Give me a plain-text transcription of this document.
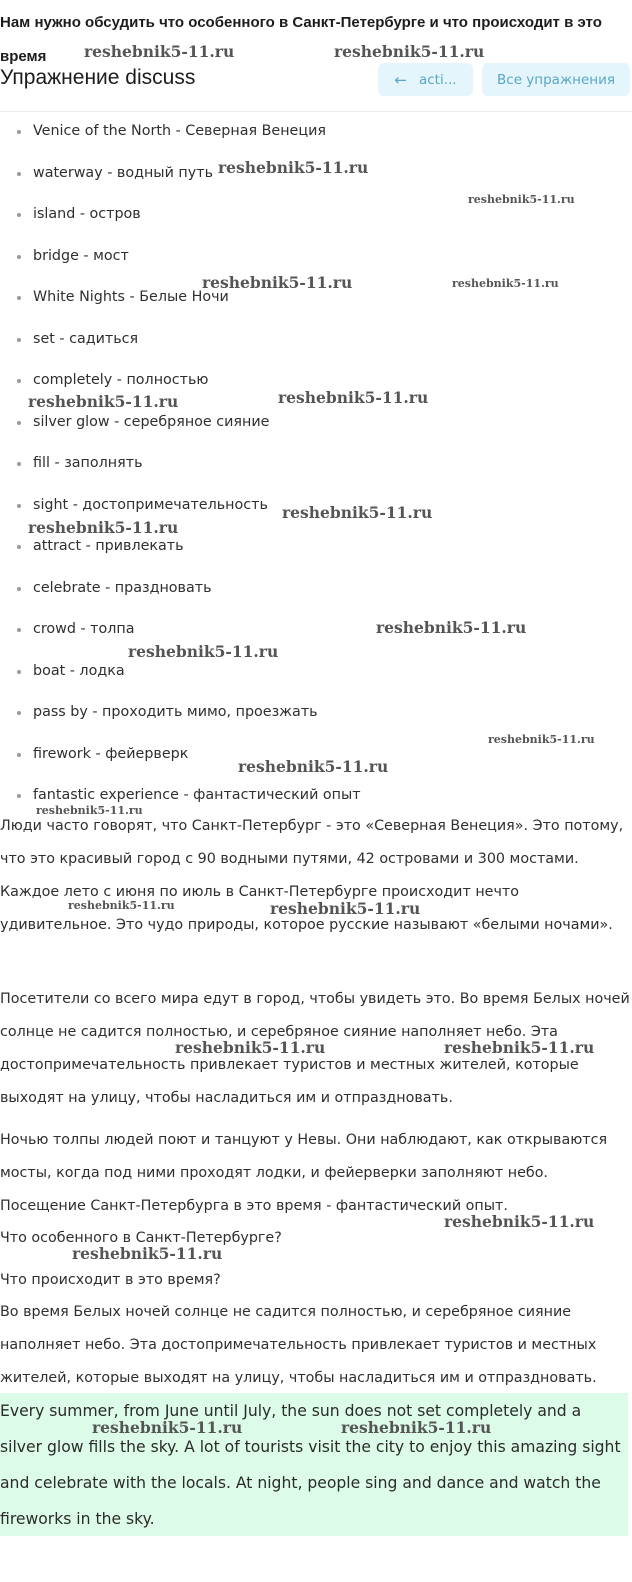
Нам нужно обсудить что особенного в Санкт-Петербурге и что происходит в это время

Упражнение discuss	← acti...	Все упражнения
Venice of the North - Северная Венеция
waterway - водный путь
island - остров
bridge - мост
White Nights - Белые Ночи
set - садиться
completely - полностью
silver glow - серебряное сияние
fill - заполнять
sight - достопримечательность
attract - привлекать
celebrate - праздновать
crowd - толпа
boat - лодка
pass by - проходить мимо, проезжать
firework - фейерверк
fantastic experience - фантастический опыт

Люди часто говорят, что Санкт-Петербург - это «Северная Венеция». Это потому, что это красивый город с 90 водными путями, 42 островами и 300 мостами. Каждое лето с июня по июль в Санкт-Петербурге происходит нечто удивительное. Это чудо природы, которое русские называют «белыми ночами».

Посетители со всего мира едут в город, чтобы увидеть это. Во время Белых ночей солнце не садится полностью, и серебряное сияние наполняет небо. Эта достопримечательность привлекает туристов и местных жителей, которые выходят на улицу, чтобы насладиться им и отпраздновать.

Ночью толпы людей поют и танцуют у Невы. Они наблюдают, как открываются мосты, когда под ними проходят лодки, и фейерверки заполняют небо. Посещение Санкт-Петербурга в это время - фантастический опыт.

Что особенного в Санкт-Петербурге?

Что происходит в это время?

Во время Белых ночей солнце не садится полностью, и серебряное сияние наполняет небо. Эта достопримечательность привлекает туристов и местных жителей, которые выходят на улицу, чтобы насладиться им и отпраздновать.

Every summer, from June until July, the sun does not set completely and a silver glow fills the sky. A lot of tourists visit the city to enjoy this amazing sight and celebrate with the locals. At night, people sing and dance and watch the fireworks in the sky.

reshebnik5-11.ru	reshebnik5-11.ru
reshebnik5-11.ru
reshebnik5-11.ru
reshebnik5-11.ru	reshebnik5-11.ru
reshebnik5-11.ru	reshebnik5-11.ru
reshebnik5-11.ru
reshebnik5-11.ru
reshebnik5-11.ru
reshebnik5-11.ru
reshebnik5-11.ru
reshebnik5-11.ru
reshebnik5-11.ru
reshebnik5-11.ru	reshebnik5-11.ru
reshebnik5-11.ru	reshebnik5-11.ru
reshebnik5-11.ru
reshebnik5-11.ru
reshebnik5-11.ru	reshebnik5-11.ru
